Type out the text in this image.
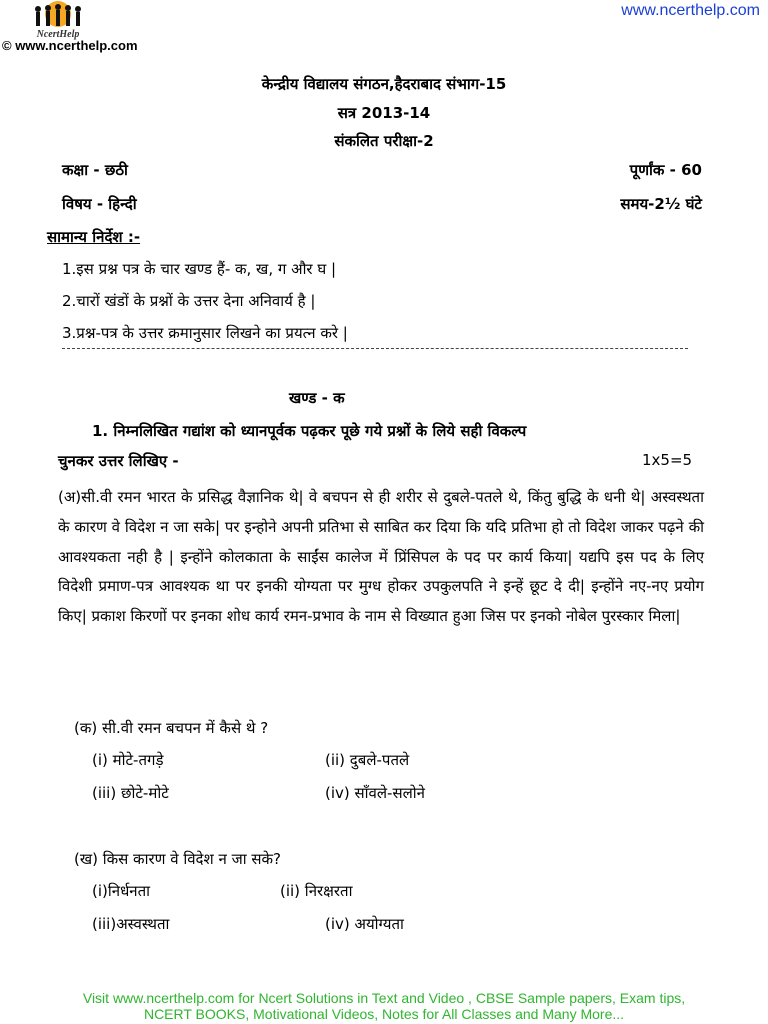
NcertHelp
© www.ncerthelp.com
www.ncerthelp.com
केन्द्रीय विद्यालय संगठन,हैदराबाद संभाग-15
सत्र 2013-14
संकलित परीक्षा-2
कक्षा - छठी	पूर्णांक - 60
विषय - हिन्दी	समय-2½ घंटे
सामान्य निर्देश :-
1.इस प्रश्न पत्र के चार खण्ड हैं- क, ख, ग और घ |
2.चारों खंडों के प्रश्नों के उत्तर देना अनिवार्य है |
3.प्रश्न-पत्र के उत्तर क्रमानुसार लिखने का प्रयत्न करे |
खण्ड - क
1. निम्नलिखित गद्यांश को ध्यानपूर्वक पढ़कर पूछे गये प्रश्नों के लिये सही विकल्प
चुनकर उत्तर लिखिए -	1x5=5

(अ)सी.वी रमन भारत के प्रसिद्ध वैज्ञानिक थे| वे बचपन से ही शरीर से दुबले-पतले थे, किंतु बुद्धि के धनी थे| अस्वस्थता के कारण वे विदेश न जा सके| पर इन्होने अपनी प्रतिभा से साबित कर दिया कि यदि प्रतिभा हो तो विदेश जाकर पढ़ने की आवश्यकता नही है | इन्होंने कोलकाता के साईंस कालेज में प्रिंसिपल के पद पर कार्य किया| यद्यपि इस पद के लिए विदेशी प्रमाण-पत्र आवश्यक था पर इनकी योग्यता पर मुग्ध होकर उपकुलपति ने इन्हें छूट दे दी| इन्होंने नए-नए प्रयोग किए| प्रकाश किरणों पर इनका शोध कार्य रमन-प्रभाव के नाम से विख्यात हुआ जिस पर इनको नोबेल पुरस्कार मिला|

(क) सी.वी रमन बचपन में कैसे थे ?
(i) मोटे-तगड़े	(ii) दुबले-पतले
(iii) छोटे-मोटे	(iv) साँवले-सलोने
(ख) किस कारण वे विदेश न जा सके?
(i)निर्धनता	(ii) निरक्षरता
(iii)अस्वस्थता	(iv) अयोग्यता
Visit www.ncerthelp.com for Ncert Solutions in Text and Video , CBSE Sample papers, Exam tips,
NCERT BOOKS, Motivational Videos, Notes for All Classes and Many More...
